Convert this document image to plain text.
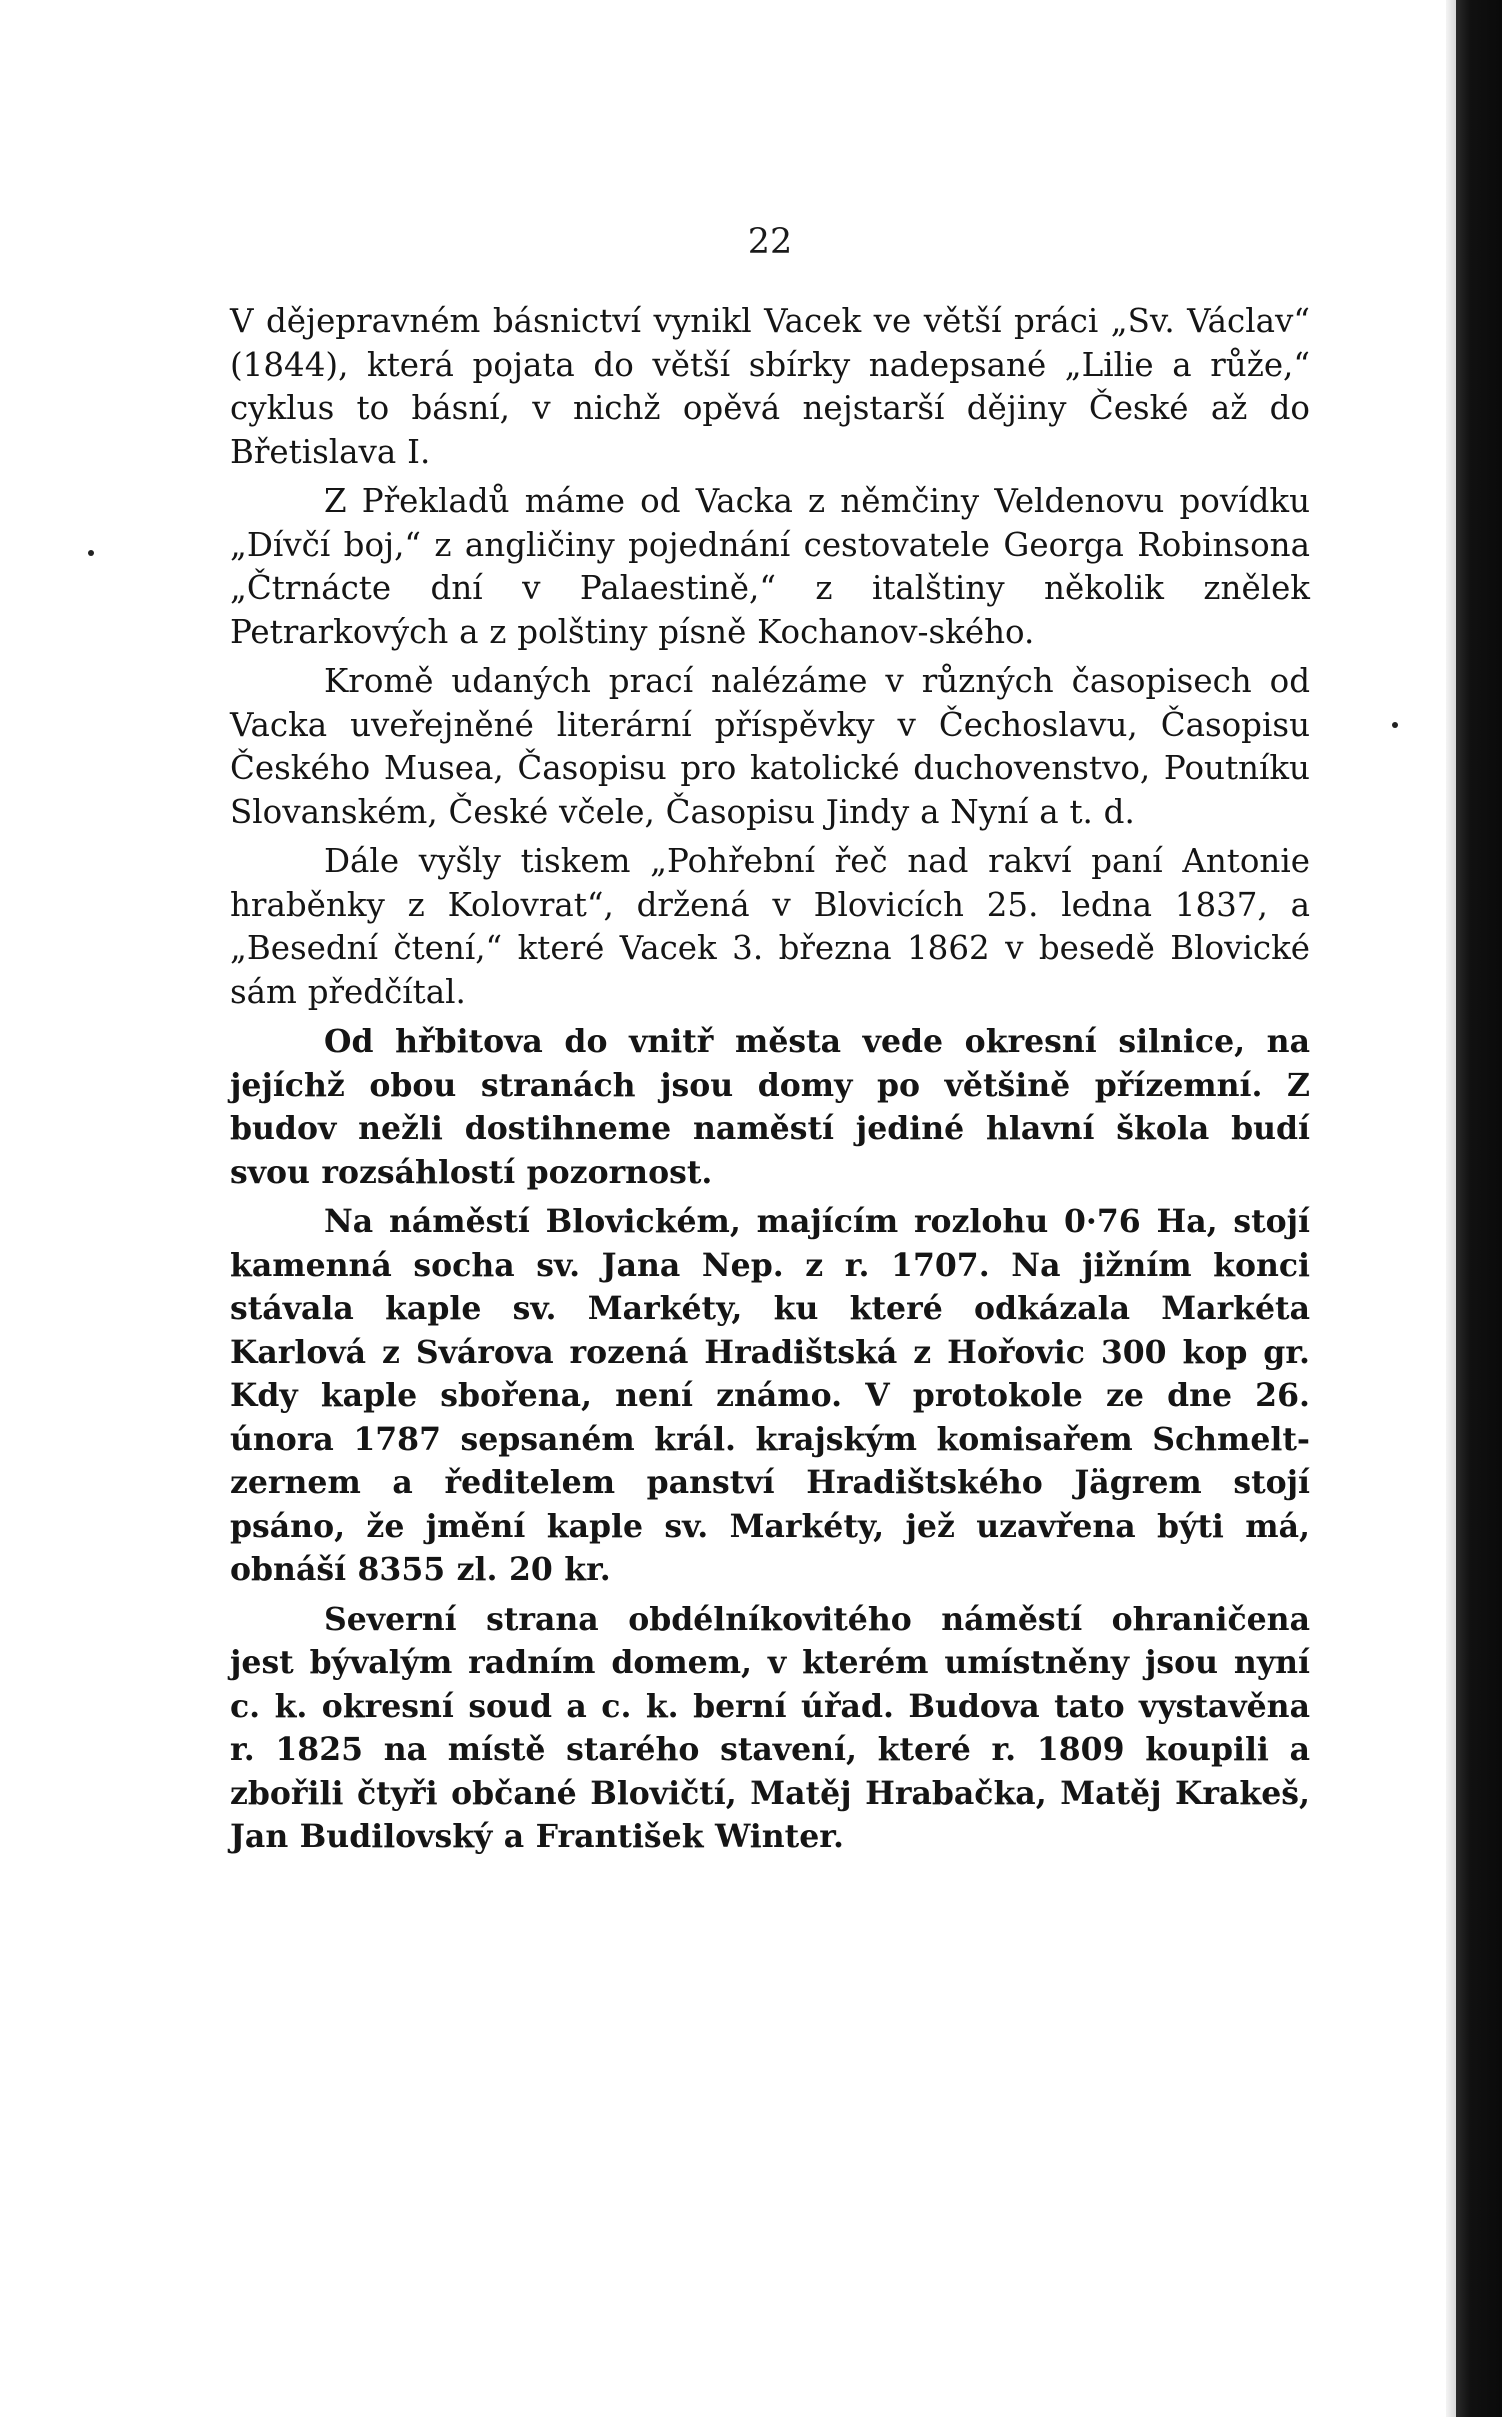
22

V dějepravném básnictví vynikl Vacek ve větší práci „Sv. Václav“ (1844), která pojata do větší sbírky nadepsané „Lilie a růže,“ cyklus to básní, v nichž opěvá nejstarší dějiny České až do Břetislava I.

Z Překladů máme od Vacka z němčiny Veldenovu povídku „Dívčí boj,“ z angličiny pojednání cestovatele Georga Robinsona „Čtrnácte dní v Palaestině,“ z italštiny několik znělek Petrarkových a z polštiny písně Kochanov-ského.

Kromě udaných prací nalézáme v různých časopisech od Vacka uveřejněné literární příspěvky v Čechoslavu, Časopisu Českého Musea, Časopisu pro katolické duchovenstvo, Poutníku Slovanském, České včele, Časopisu Jindy a Nyní a t. d.

Dále vyšly tiskem „Pohřební řeč nad rakví paní Antonie hraběnky z Kolovrat“, držená v Blovicích 25. ledna 1837, a „Besední čtení,“ které Vacek 3. března 1862 v besedě Blovické sám předčítal.

Od hřbitova do vnitř města vede okresní silnice, na jejíchž obou stranách jsou domy po většině přízemní. Z budov nežli dostihneme naměstí jediné hlavní škola budí svou rozsáhlostí pozornost.

Na náměstí Blovickém, majícím rozlohu 0·76 Ha, stojí kamenná socha sv. Jana Nep. z r. 1707. Na jižním konci stávala kaple sv. Markéty, ku které odkázala Markéta Karlová z Svárova rozená Hradištská z Hořovic 300 kop gr. Kdy kaple sbořena, není známo. V protokole ze dne 26. února 1787 sepsaném král. krajským komisařem Schmelt-zernem a ředitelem panství Hradištského Jägrem stojí psáno, že jmění kaple sv. Markéty, jež uzavřena býti má, obnáší 8355 zl. 20 kr.

Severní strana obdélníkovitého náměstí ohraničena jest bývalým radním domem, v kterém umístněny jsou nyní c. k. okresní soud a c. k. berní úřad. Budova tato vystavěna r. 1825 na místě starého stavení, které r. 1809 koupili a zbořili čtyři občané Blovičtí, Matěj Hrabačka, Matěj Krakeš, Jan Budilovský a František Winter.
